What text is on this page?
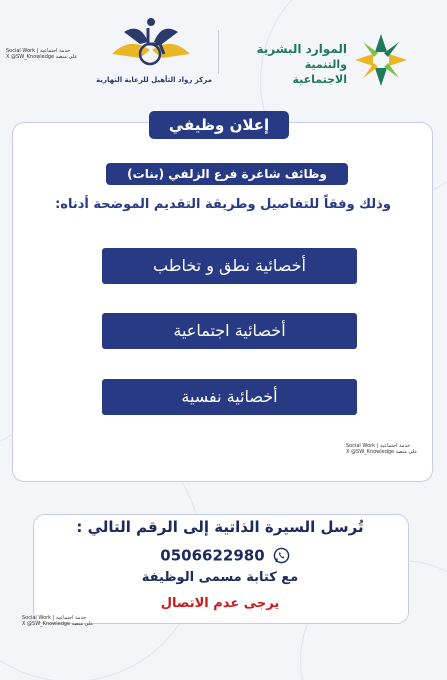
Social Work | خدمة اجتماعية
X @SW_Knowledge على منصة
مركز رواد التأهيل للرعاية النهارية
الموارد البشرية
والتنمية الاجتماعية
إعلان وظيفي
وظائف شاغرة فرع الزلفي (بنات)
وذلك وفقاً للتفاصيل وطريقة التقديم الموضحة أدناه:
أخصائية نطق و تخاطب
أخصائية اجتماعية
أخصائية نفسية
Social Work | خدمة اجتماعية
X @SW_Knowledge على منصة
تُرسل السيرة الذاتية إلى الرقم التالي :
0506622980
مع كتابة مسمى الوظيفة
يرجى عدم الاتصال
Social Work | خدمة اجتماعية
X @SW_Knowledge على منصة
